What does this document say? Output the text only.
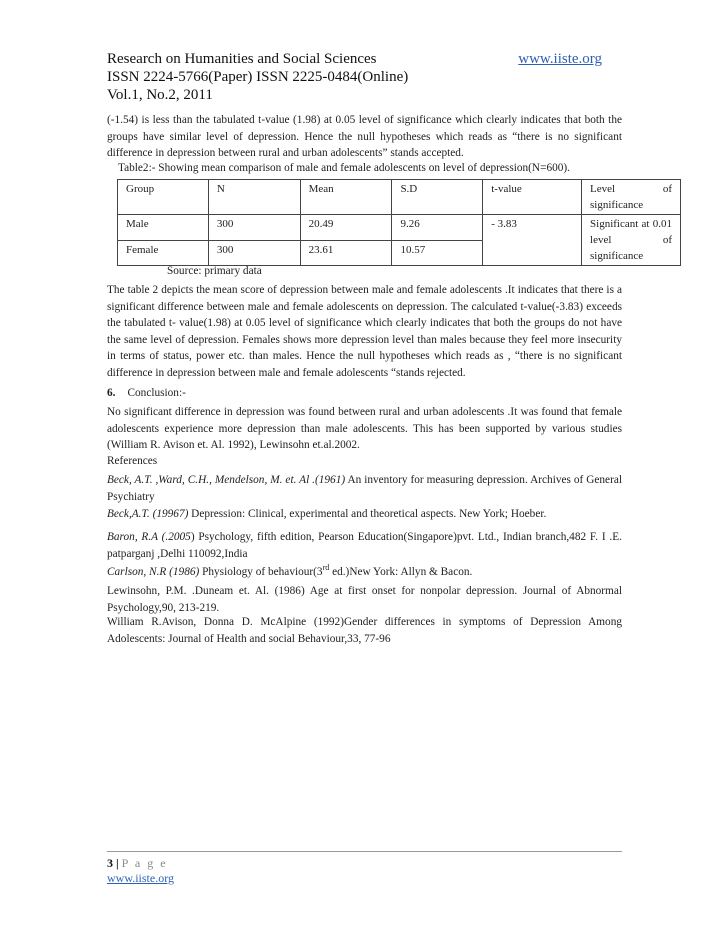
Research on Humanities and Social Sciences	www.iiste.org
ISSN 2224-5766(Paper) ISSN 2225-0484(Online)
Vol.1, No.2, 2011

(-1.54) is less than the tabulated t-value (1.98) at 0.05 level of significance which clearly indicates that both the groups have similar level of depression. Hence the null hypotheses which reads as “there is no significant difference in depression between rural and urban adolescents” stands accepted.

Table2:- Showing mean comparison of male and female adolescents on level of depression(N=600).
Group	N	Mean	S.D	t-value	Level of significance
Male	300	20.49	9.26	- 3.83	Significant at 0.01 level of significance
Female	300	23.61	10.57		
Source: primary data

The table 2 depicts the mean score of depression between male and female adolescents .It indicates that there is a significant difference between male and female adolescents on depression. The calculated t-value(-3.83) exceeds the tabulated t- value(1.98) at 0.05 level of significance which clearly indicates that both the groups do not have the same level of depression. Females shows more depression level than males because they feel more insecurity in terms of status, power etc. than males. Hence the null hypotheses which reads as , “there is no significant difference in depression between male and female adolescents “stands rejected.

6. Conclusion:-

No significant difference in depression was found between rural and urban adolescents .It was found that female adolescents experience more depression than male adolescents. This has been supported by various studies (William R. Avison et. Al. 1992), Lewinsohn et.al.2002.

References

Beck, A.T. ,Ward, C.H., Mendelson, M. et. Al .(1961) An inventory for measuring depression. Archives of General Psychiatry

Beck,A.T. (19967) Depression: Clinical, experimental and theoretical aspects. New York; Hoeber.

Baron, R.A (.2005) Psychology, fifth edition, Pearson Education(Singapore)pvt. Ltd., Indian branch,482 F. I .E. patparganj ,Delhi 110092,India

Carlson, N.R (1986) Physiology of behaviour(3rd ed.)New York: Allyn & Bacon.

Lewinsohn, P.M. .Duneam et. Al. (1986) Age at first onset for nonpolar depression. Journal of Abnormal Psychology,90, 213-219.

William R.Avison, Donna D. McAlpine (1992)Gender differences in symptoms of Depression Among Adolescents: Journal of Health and social Behaviour,33, 77-96

3 | P a g e
www.iiste.org
